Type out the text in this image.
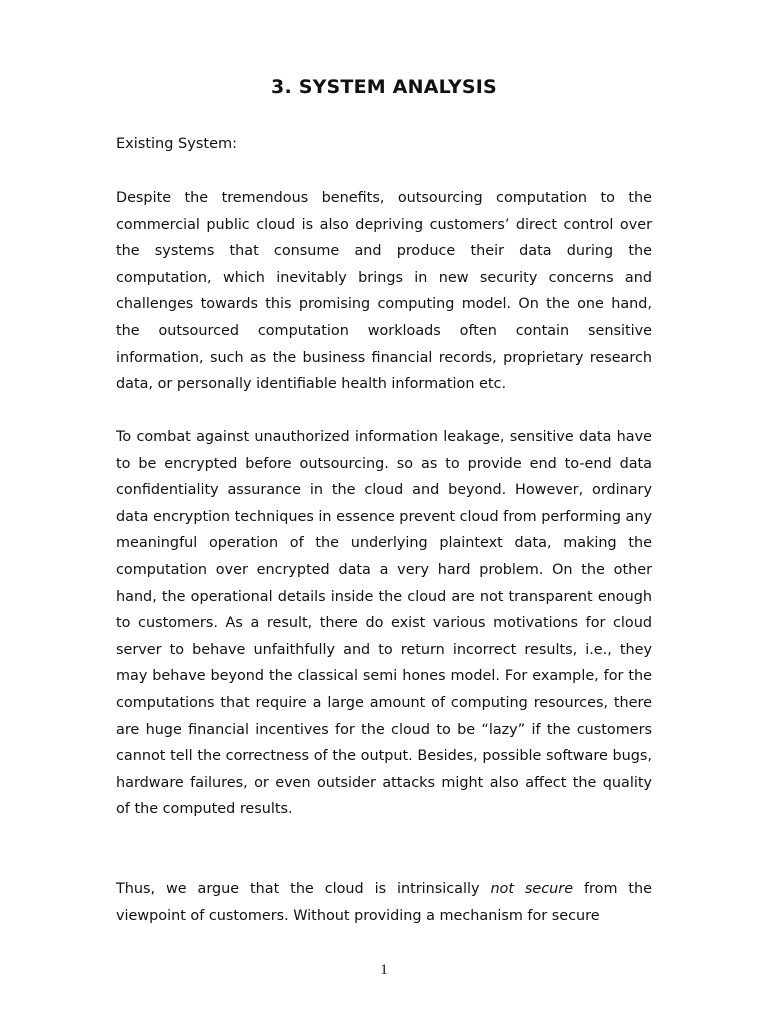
3. SYSTEM ANALYSIS
Existing System:

Despite the tremendous benefits, outsourcing computation to the commercial public cloud is also depriving customers’ direct control over the systems that consume and produce their data during the computation, which inevitably brings in new security concerns and challenges towards this promising computing model. On the one hand, the outsourced computation workloads often contain sensitive information, such as the business financial records, proprietary research data, or personally identifiable health information etc.

To combat against unauthorized information leakage, sensitive data have to be encrypted before outsourcing. so as to provide end to-end data confidentiality assurance in the cloud and beyond. However, ordinary data encryption techniques in essence prevent cloud from performing any meaningful operation of the underlying plaintext data, making the computation over encrypted data a very hard problem. On the other hand, the operational details inside the cloud are not transparent enough to customers. As a result, there do exist various motivations for cloud server to behave unfaithfully and to return incorrect results, i.e., they may behave beyond the classical semi hones model. For example, for the computations that require a large amount of computing resources, there are huge financial incentives for the cloud to be “lazy” if the customers cannot tell the correctness of the output. Besides, possible software bugs, hardware failures, or even outsider attacks might also affect the quality of the computed results.

Thus, we argue that the cloud is intrinsically not secure from the viewpoint of customers. Without providing a mechanism for secure

1
